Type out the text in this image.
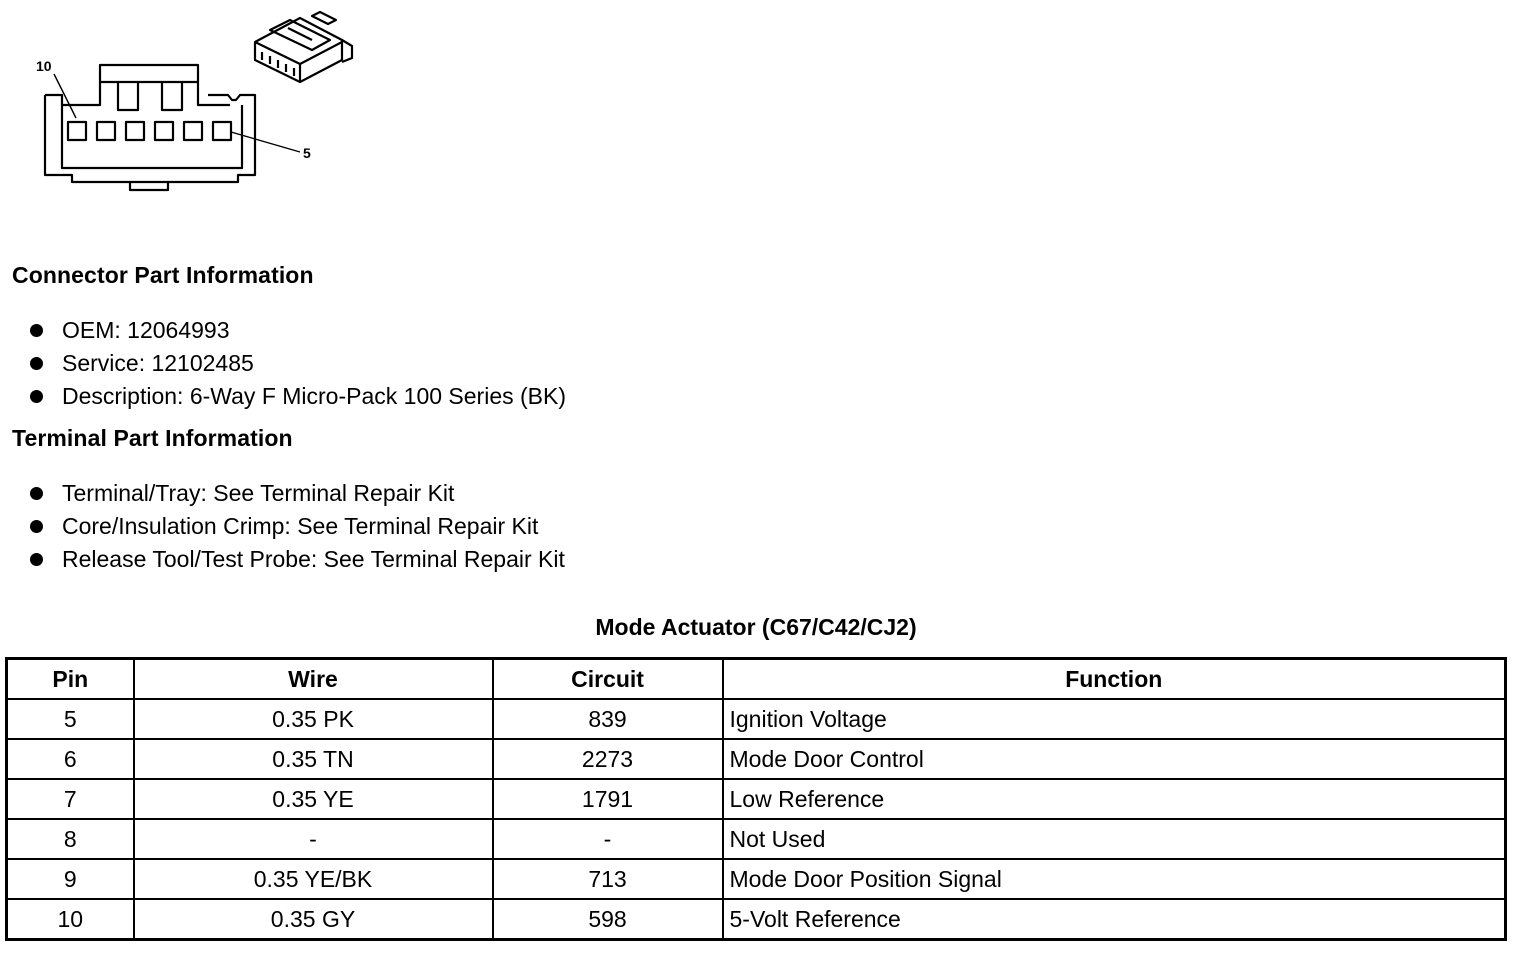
10
5
Connector Part Information
OEM: 12064993
Service: 12102485
Description: 6-Way F Micro-Pack 100 Series (BK)
Terminal Part Information
Terminal/Tray: See Terminal Repair Kit
Core/Insulation Crimp: See Terminal Repair Kit
Release Tool/Test Probe: See Terminal Repair Kit
Mode Actuator (C67/C42/CJ2)
Pin	Wire	Circuit	Function
5	0.35 PK	839	Ignition Voltage
6	0.35 TN	2273	Mode Door Control
7	0.35 YE	1791	Low Reference
8	-	-	Not Used
9	0.35 YE/BK	713	Mode Door Position Signal
10	0.35 GY	598	5-Volt Reference
